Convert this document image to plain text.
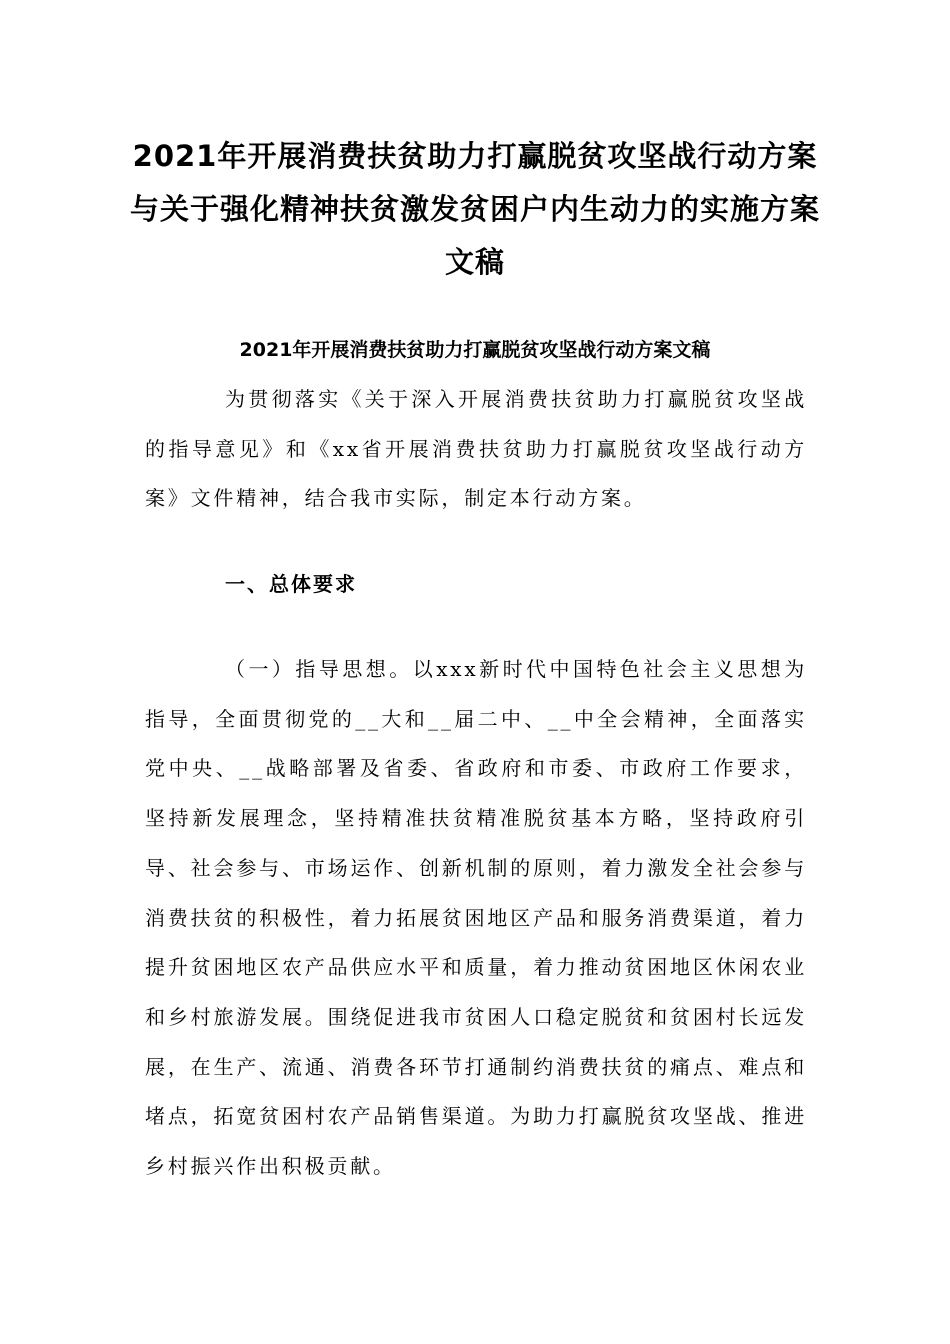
2021年开展消费扶贫助力打赢脱贫攻坚战行动方案
与关于强化精神扶贫激发贫困户内生动力的实施方案
文稿
2021年开展消费扶贫助力打赢脱贫攻坚战行动方案文稿

为贯彻落实《关于深入开展消费扶贫助力打赢脱贫攻坚战的指导意见》和《xx省开展消费扶贫助力打赢脱贫攻坚战行动方案》文件精神，结合我市实际，制定本行动方案。

一、总体要求

（一）指导思想。以xxx新时代中国特色社会主义思想为指导，全面贯彻党的__大和__届二中、__中全会精神，全面落实党中央、__战略部署及省委、省政府和市委、市政府工作要求，坚持新发展理念，坚持精准扶贫精准脱贫基本方略，坚持政府引导、社会参与、市场运作、创新机制的原则，着力激发全社会参与消费扶贫的积极性，着力拓展贫困地区产品和服务消费渠道，着力提升贫困地区农产品供应水平和质量，着力推动贫困地区休闲农业和乡村旅游发展。围绕促进我市贫困人口稳定脱贫和贫困村长远发展，在生产、流通、消费各环节打通制约消费扶贫的痛点、难点和堵点，拓宽贫困村农产品销售渠道。为助力打赢脱贫攻坚战、推进乡村振兴作出积极贡献。
